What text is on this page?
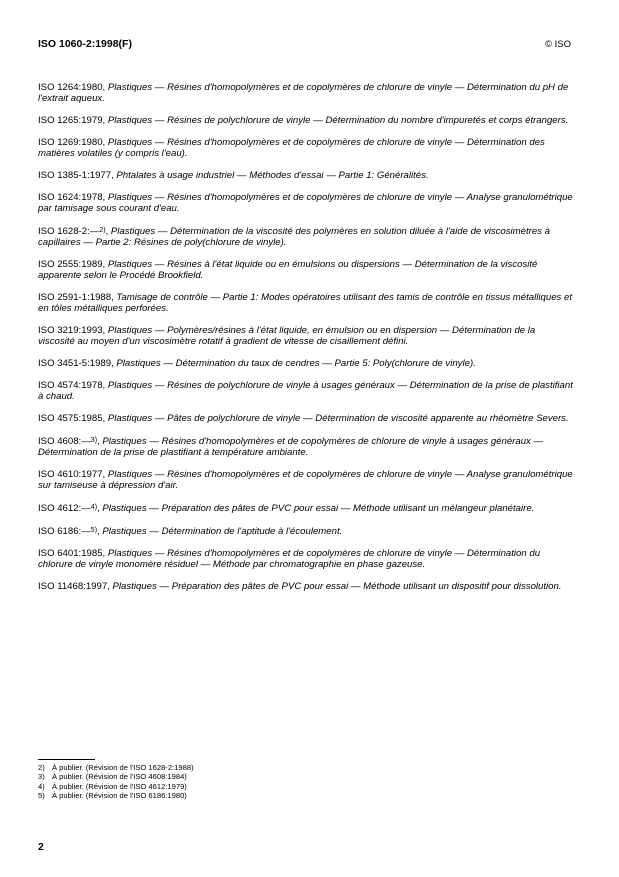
ISO 1060-2:1998(F)	© ISO

ISO 1264:1980, Plastiques — Résines d'homopolymères et de copolymères de chlorure de vinyle — Détermination du pH de l'extrait aqueux.

ISO 1265:1979, Plastiques — Résines de polychlorure de vinyle — Détermination du nombre d'impuretés et corps étrangers.

ISO 1269:1980, Plastiques — Résines d'homopolymères et de copolymères de chlorure de vinyle — Détermination des matières volatiles (y compris l'eau).

ISO 1385-1:1977, Phtalates à usage industriel — Méthodes d'essai — Partie 1: Généralités.

ISO 1624:1978, Plastiques — Résines d'homopolymères et de copolymères de chlorure de vinyle — Analyse granulométrique par tamisage sous courant d'eau.

ISO 1628-2:—$^{2)}$, Plastiques — Détermination de la viscosité des polymères en solution diluée à l'aide de viscosimètres à capillaires — Partie 2: Résines de poly(chlorure de vinyle).

ISO 2555:1989, Plastiques — Résines à l'état liquide ou en émulsions ou dispersions — Détermination de la viscosité apparente selon le Procédé Brookfield.

ISO 2591-1:1988, Tamisage de contrôle — Partie 1: Modes opératoires utilisant des tamis de contrôle en tissus métalliques et en tôles métalliques perforées.

ISO 3219:1993, Plastiques — Polymères/résines à l'état liquide, en émulsion ou en dispersion — Détermination de la viscosité au moyen d'un viscosimètre rotatif à gradient de vitesse de cisaillement défini.

ISO 3451-5:1989, Plastiques — Détermination du taux de cendres — Partie 5: Poly(chlorure de vinyle).

ISO 4574:1978, Plastiques — Résines de polychlorure de vinyle à usages généraux — Détermination de la prise de plastifiant à chaud.

ISO 4575:1985, Plastiques — Pâtes de polychlorure de vinyle — Détermination de viscosité apparente au rhéomètre Severs.

ISO 4608:—$^{3)}$, Plastiques — Résines d'homopolymères et de copolymères de chlorure de vinyle à usages généraux — Détermination de la prise de plastifiant à température ambiante.

ISO 4610:1977, Plastiques — Résines d'homopolymères et de copolymères de chlorure de vinyle — Analyse granulométrique sur tamiseuse à dépression d'air.

ISO 4612:—$^{4)}$, Plastiques — Préparation des pâtes de PVC pour essai — Méthode utilisant un mélangeur planétaire.

ISO 6186:—$^{5)}$, Plastiques — Détermination de l'aptitude à l'écoulement.

ISO 6401:1985, Plastiques — Résines d'homopolymères et de copolymères de chlorure de vinyle — Détermination du chlorure de vinyle monomère résiduel — Méthode par chromatographie en phase gazeuse.

ISO 11468:1997, Plastiques — Préparation des pâtes de PVC pour essai — Méthode utilisant un dispositif pour dissolution.

2) À publier. (Révision de l'ISO 1628-2:1988)
3) À publier. (Révision de l'ISO 4608:1984)
4) À publier. (Révision de l'ISO 4612:1979)
5) À publier. (Révision de l'ISO 6186:1980)
2
